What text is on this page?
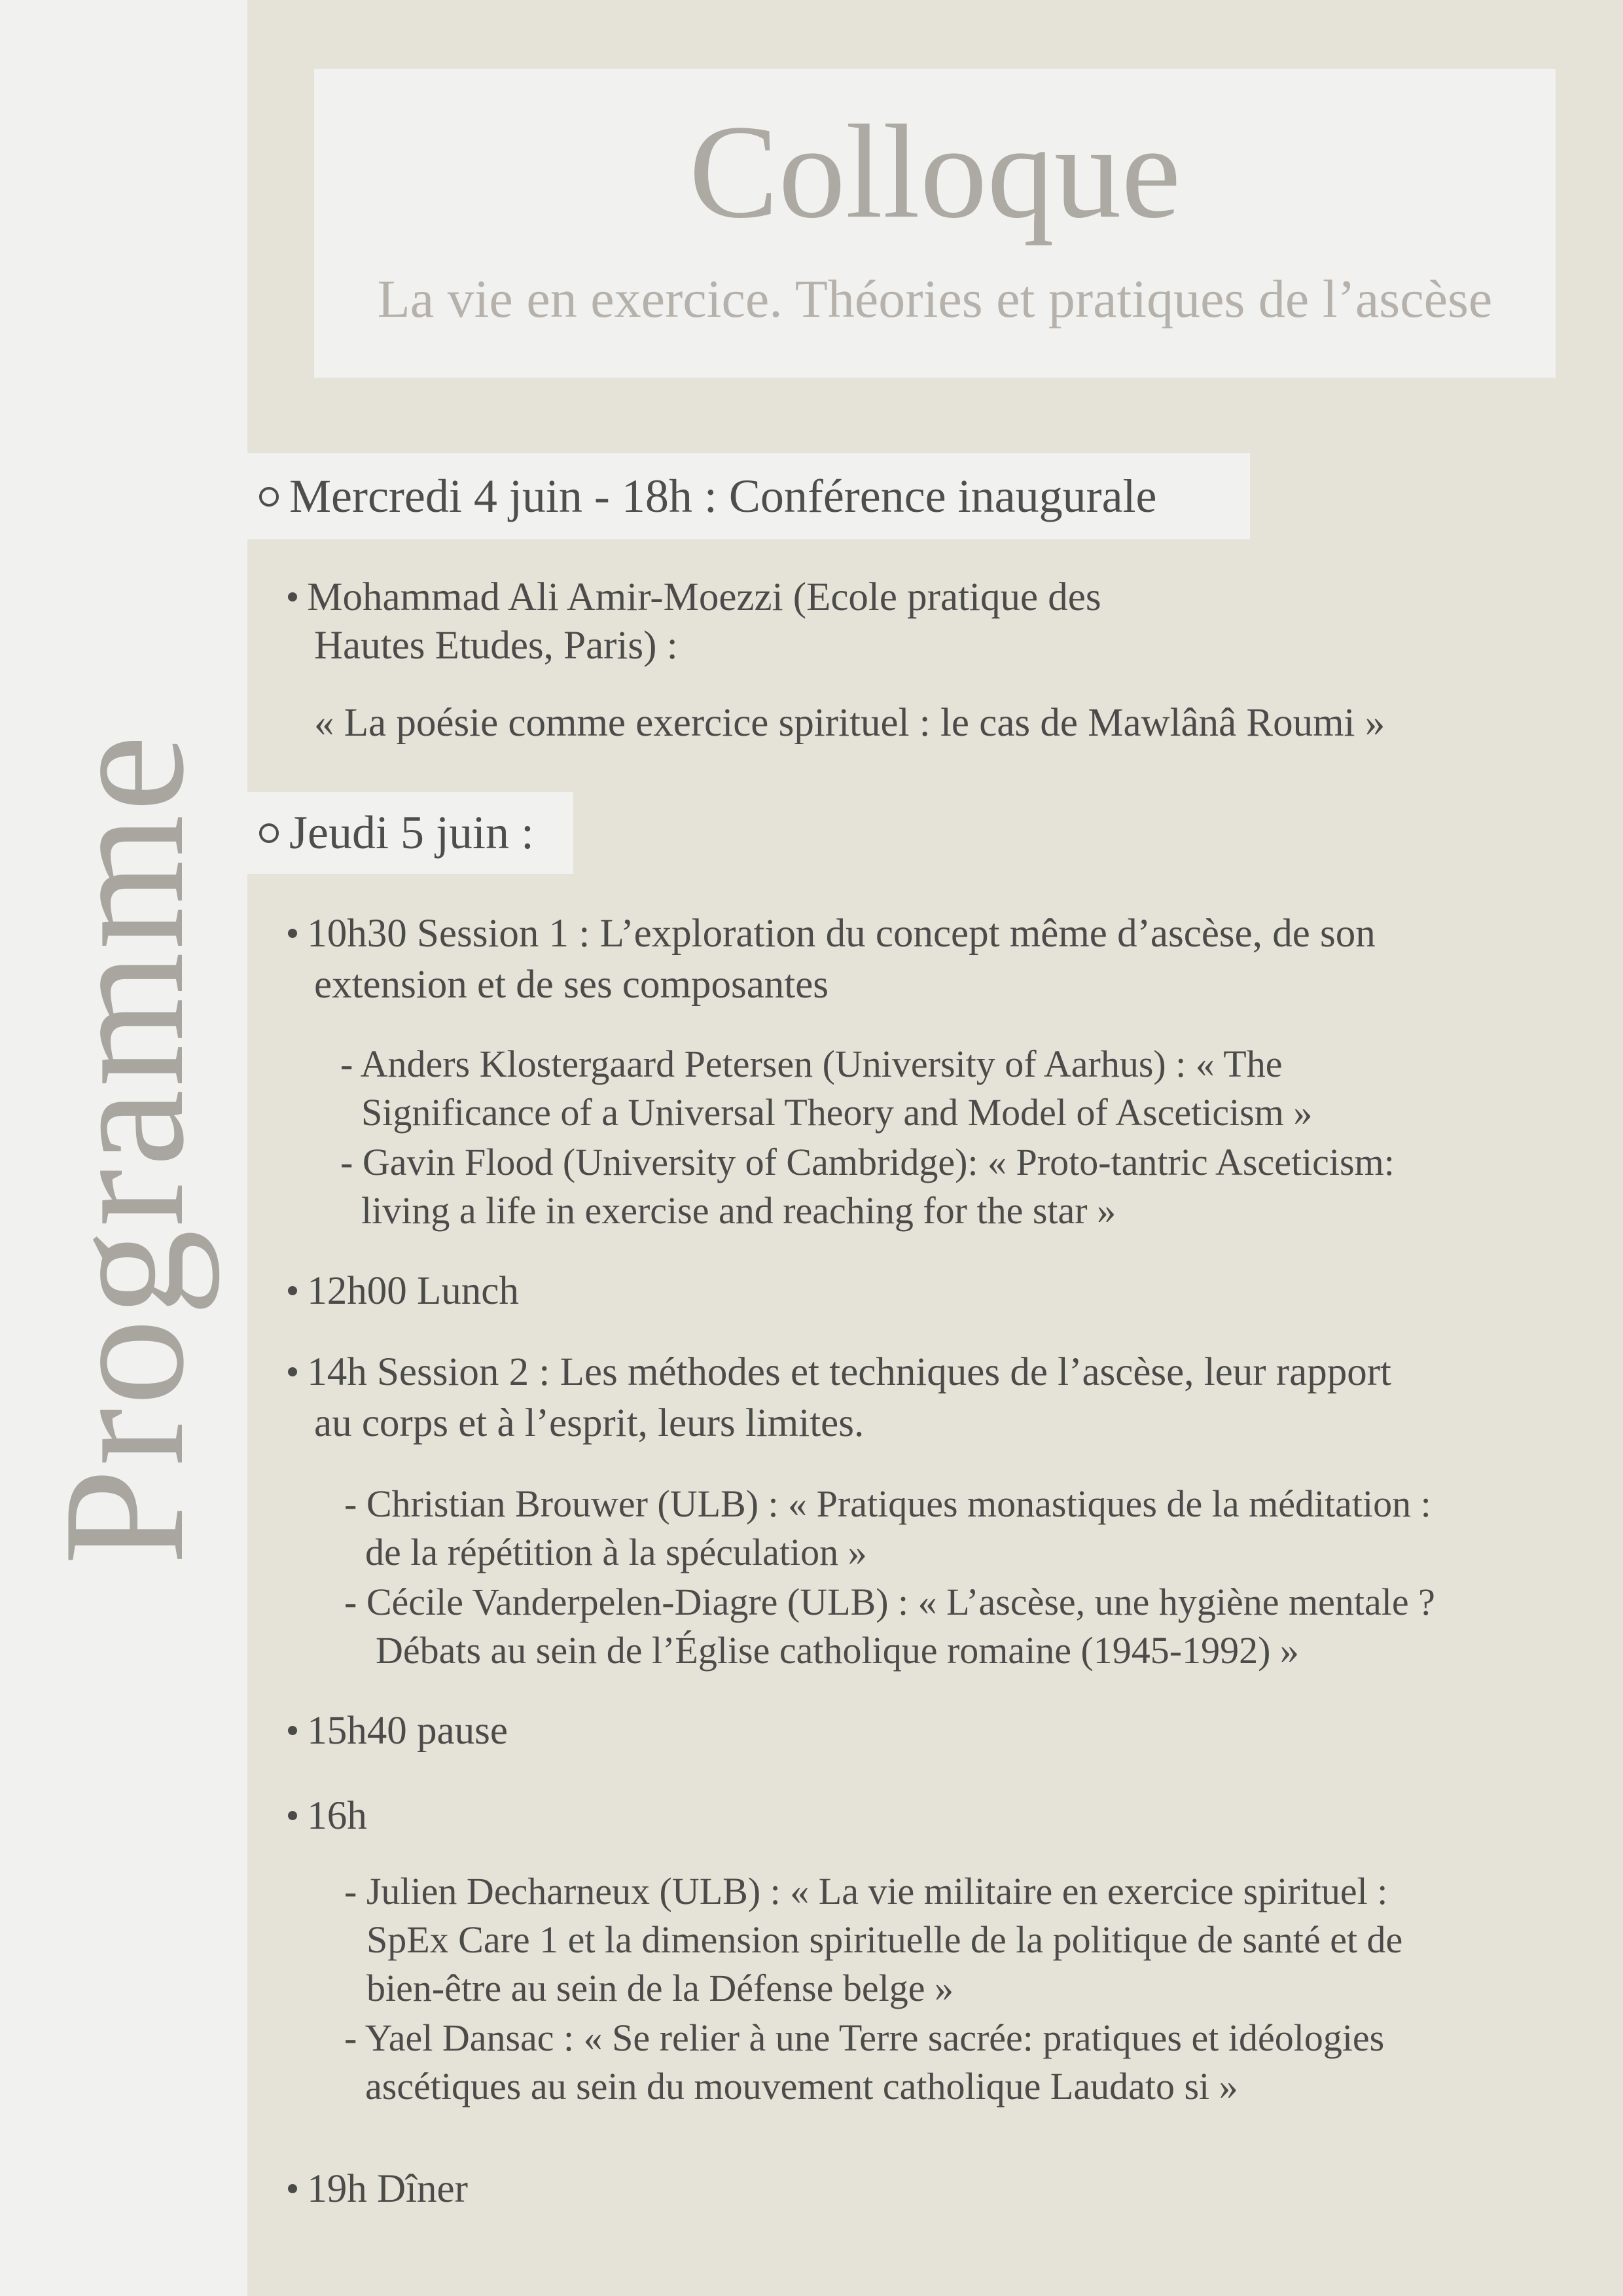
Programme
Colloque
La vie en exercice. Théories et pratiques de l’ascèse
Mercredi 4 juin - 18h : Conférence inaugurale
Mohammad Ali Amir-Moezzi (Ecole pratique des
Hautes Etudes, Paris) :
« La poésie comme exercice spirituel : le cas de Mawlânâ Roumi »
Jeudi 5 juin :
10h30 Session 1 : L’exploration du concept même d’ascèse, de son
extension et de ses composantes
- Anders Klostergaard Petersen (University of Aarhus) : « The
Significance of a Universal Theory and Model of Asceticism »
- Gavin Flood (University of Cambridge): « Proto-tantric Asceticism:
living a life in exercise and reaching for the star »
12h00 Lunch
14h Session 2 : Les méthodes et techniques de l’ascèse, leur rapport
au corps et à l’esprit, leurs limites.
- Christian Brouwer (ULB) : « Pratiques monastiques de la méditation :
de la répétition à la spéculation »
- Cécile Vanderpelen-Diagre (ULB) : « L’ascèse, une hygiène mentale ?
Débats au sein de l’Église catholique romaine (1945-1992) »
15h40 pause
16h
- Julien Decharneux (ULB) : « La vie militaire en exercice spirituel :
SpEx Care 1 et la dimension spirituelle de la politique de santé et de
bien-être au sein de la Défense belge »
- Yael Dansac : « Se relier à une Terre sacrée: pratiques et idéologies
ascétiques au sein du mouvement catholique Laudato si »
19h Dîner
